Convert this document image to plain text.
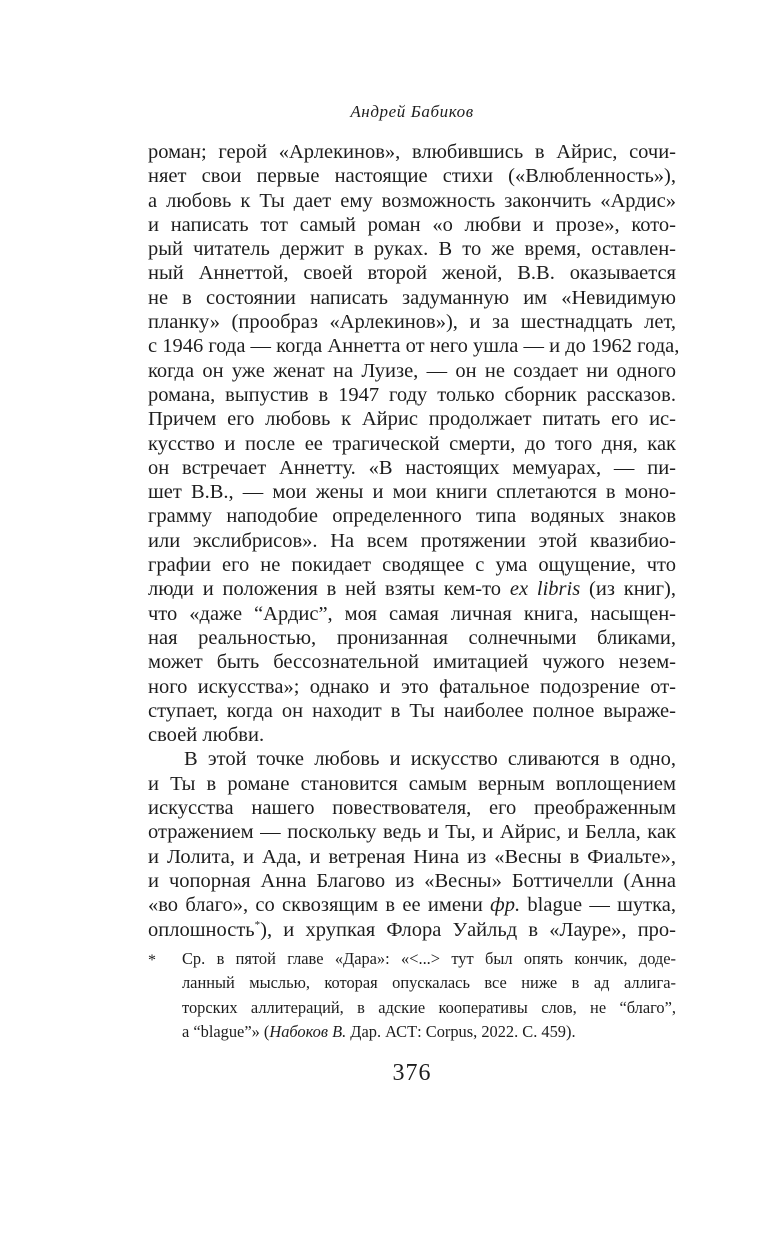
Андрей Бабиков
роман; герой «Арлекинов», влюбившись в Айрис, сочи-
няет свои первые настоящие стихи («Влюбленность»),
а любовь к Ты дает ему возможность закончить «Ардис»
и написать тот самый роман «о любви и прозе», кото-
рый читатель держит в руках. В то же время, оставлен-
ный Аннеттой, своей второй женой, В.В. оказывается
не в состоянии написать задуманную им «Невидимую
планку» (прообраз «Арлекинов»), и за шестнадцать лет,
с 1946 года — когда Аннетта от него ушла — и до 1962 года,
когда он уже женат на Луизе, — он не создает ни одного
романа, выпустив в 1947 году только сборник рассказов.
Причем его любовь к Айрис продолжает питать его ис-
кусство и после ее трагической смерти, до того дня, как
он встречает Аннетту. «В настоящих мемуарах, — пи-
шет В.В., — мои жены и мои книги сплетаются в моно-
грамму наподобие определенного типа водяных знаков
или экслибрисов». На всем протяжении этой квазибио-
графии его не покидает сводящее с ума ощущение, что
люди и положения в ней взяты кем-то ex libris (из книг),
что «даже “Ардис”, моя самая личная книга, насыщен-
ная реальностью, пронизанная солнечными бликами,
может быть бессознательной имитацией чужого незем-
ного искусства»; однако и это фатальное подозрение от-
ступает, когда он находит в Ты наиболее полное выраже-
своей любви.
В этой точке любовь и искусство сливаются в одно,
и Ты в романе становится самым верным воплощением
искусства нашего повествователя, его преображенным
отражением — поскольку ведь и Ты, и Айрис, и Белла, как
и Лолита, и Ада, и ветреная Нина из «Весны в Фиальте»,
и чопорная Анна Благово из «Весны» Боттичелли (Анна
«во благо», со сквозящим в ее имени фр. blague — шутка,
оплошность*), и хрупкая Флора Уайльд в «Лауре», про-
* Ср. в пятой главе «Дара»: «<...> тут был опять кончик, доде-
ланный мыслью, которая опускалась все ниже в ад аллига-
торских аллитераций, в адские кооперативы слов, не “благо”,
а “blague”» (Набоков В. Дар. АСТ: Corpus, 2022. С. 459).
376
